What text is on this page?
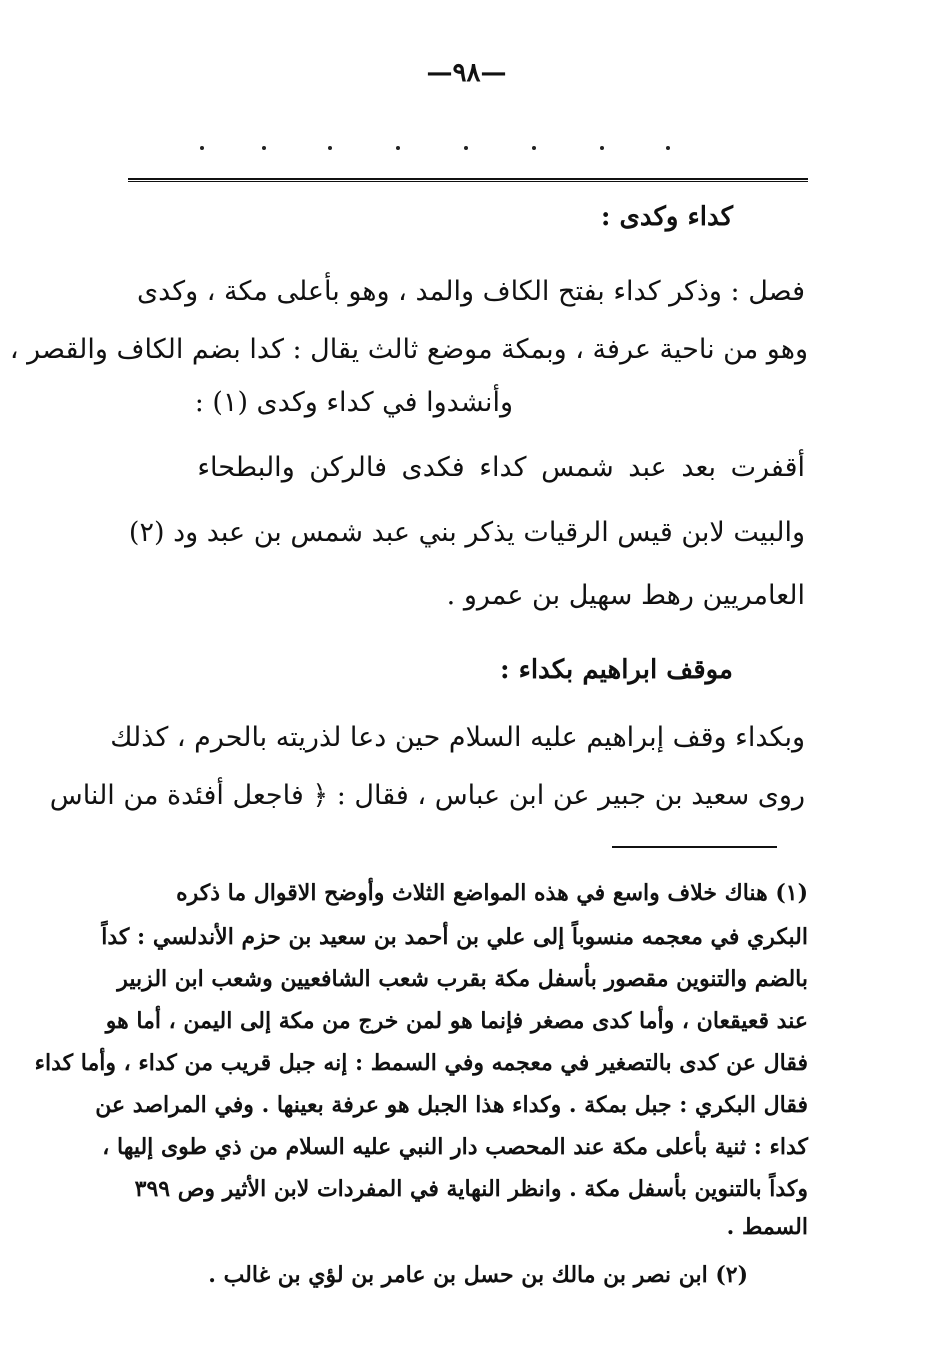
—٩٨—
كداء وكدى :
فصل : وذكر كداء بفتح الكاف والمد ، وهو بأعلى مكة ، وكدى
وهو من ناحية عرفة ، وبمكة موضع ثالث يقال : كدا بضم الكاف والقصر ،
وأنشدوا في كداء وكدى (١) :
أقفرت بعد عبد شمس كداء فكدى فالركن والبطحاء
والبيت لابن قيس الرقيات يذكر بني عبد شمس بن عبد ود (٢)
العامريين رهط سهيل بن عمرو .
موقف ابراهيم بكداء :
وبكداء وقف إبراهيم عليه السلام حين دعا لذريته بالحرم ، كذلك
روى سعيد بن جبير عن ابن عباس ، فقال : ﴿ فاجعل أفئدة من الناس
(١) هناك خلاف واسع في هذه المواضع الثلاث وأوضح الاقوال ما ذكره
البكري في معجمه منسوباً إلى علي بن أحمد بن سعيد بن حزم الأندلسي : كداً
بالضم والتنوين مقصور بأسفل مكة بقرب شعب الشافعيين وشعب ابن الزبير
عند قعيقعان ، وأما كدى مصغر فإنما هو لمن خرج من مكة إلى اليمن ، أما هو
فقال عن كدى بالتصغير في معجمه وفي السمط : إنه جبل قريب من كداء ، وأما كداء
فقال البكري : جبل بمكة . وكداء هذا الجبل هو عرفة بعينها . وفي المراصد عن
كداء : ثنية بأعلى مكة عند المحصب دار النبي عليه السلام من ذي طوى إليها ،
وكداً بالتنوين بأسفل مكة . وانظر النهاية في المفردات لابن الأثير وص ٣٩٩
السمط .
(٢) ابن نصر بن مالك بن حسل بن عامر بن لؤي بن غالب .
